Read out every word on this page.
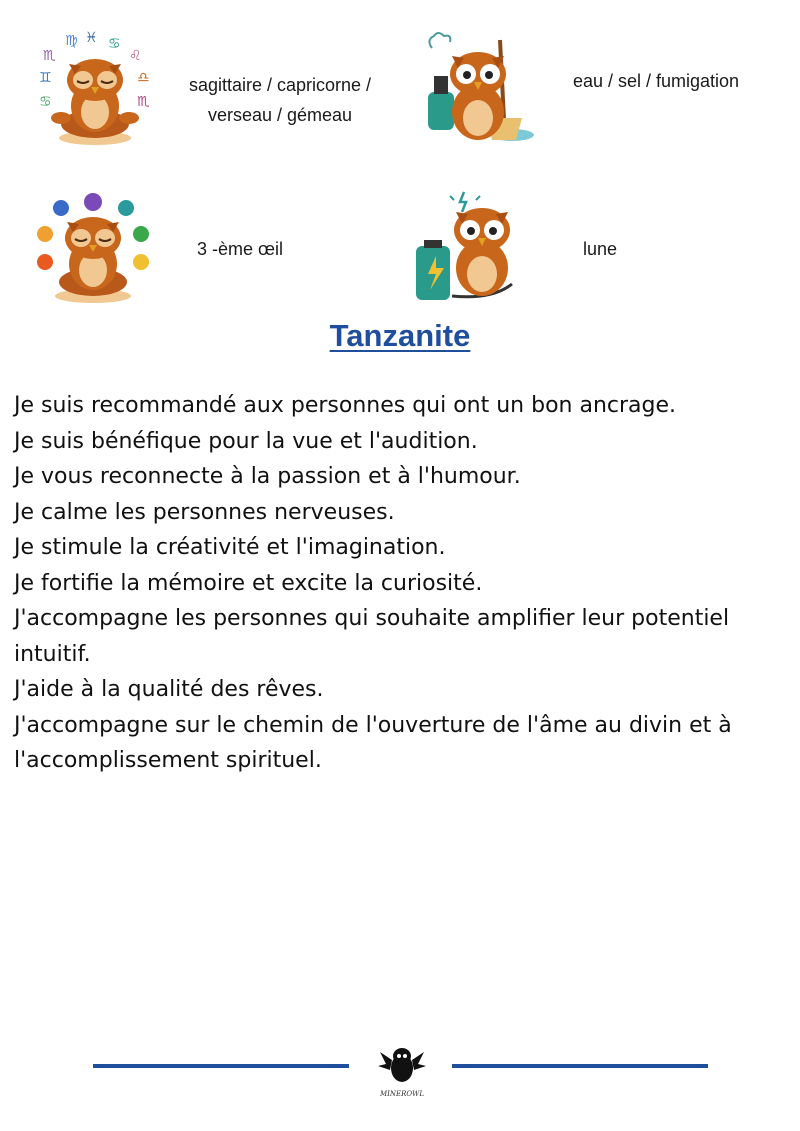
♏
♍ ♓ ♋
♌
♊	♎
♋	♏
sagittaire / capricorne /
verseau / gémeau
eau / sel / fumigation
3 -ème œil	lune
Tanzanite

Je suis recommandé aux personnes qui ont un bon ancrage.

Je suis bénéfique pour la vue et l'audition.

Je vous reconnecte à la passion et à l'humour.

Je calme les personnes nerveuses.

Je stimule la créativité et l'imagination.

Je fortifie la mémoire et excite la curiosité.

J'accompagne les personnes qui souhaite amplifier leur potentiel intuitif.

J'aide à la qualité des rêves.

J'accompagne sur le chemin de l'ouverture de l'âme au divin et à l'accomplissement spirituel.

MINEROWL
